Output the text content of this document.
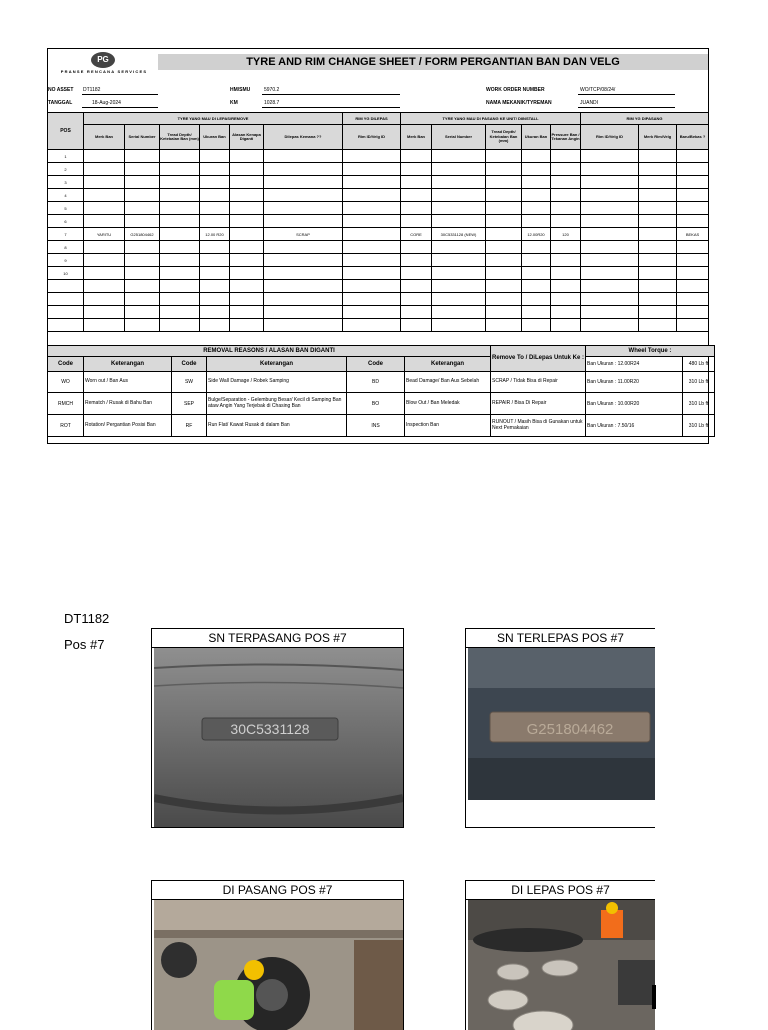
PG
PRANSE RENCANA SERVICES
TYRE AND RIM CHANGE SHEET / FORM PERGANTIAN BAN DAN VELG
NO ASSET DT1182
TANGGAL	18-Aug-2024
HM/SMU	5970.2
KM	1028.7
WORK ORDER NUMBER	WO/TCP/08/24/
NAMA MEKANIK/TYREMAN	JUANDI
POS	TYRE YANG MAU DI LEPAS/REMOVE						RIM YG DILEPAS	TYRE YANG MAU DI PASANG KE UNIT/ DIINSTALL					RIM YG DIPASANG		
	Merk Ban	Serial Number	Tread Depth/ Ketebalan Ban (mm)	Ukuran Ban	Alasan Kenapa Diganti	Dilepas Kemana ??	Rim ID/Velg ID	Merk Ban	Serial Number	Tread Depth/ Ketebalan Ban (mm)	Ukuran Ban	Pressure Ban / Tekanan Angin	Rim ID/Velg ID	Merk Rim/Velg	Baru/Bekas ?
1															
2															
3															
4															
5															
6															
7	YARITU	G251804462		12.00 R20		SCRAP		CORE	30C5331128 (NEW)		12.00R20	120			BEKAS
8															
9															
10															

REMOVAL REASONS / ALASAN BAN DIGANTI						Remove To / DiLepas Untuk Ke :	Wheel Torque :	
Code	Keterangan	Code	Keterangan	Code	Keterangan		Ban Ukuran : 12.00R24	480 Lb ft
WO	Worn out / Ban Aus	SW	Side Wall Damage / Robek Samping	BD	Bead Damage/ Ban Aus Sebelah	SCRAP / Tidak Bisa di Repair	Ban Ukuran : 11.00R20	310 Lb ft
RMCH	Rematch / Rusak di Bahu Ban	SEP	Bulge/Separation - Gelembung Besar/ Kecil di Samping Ban ataw Angin Yang Terjebak di Chasing Ban	BO	Blow Out / Ban Meledak	REPAIR / Bisa Di Repair	Ban Ukuran : 10.00R20	310 Lb ft
ROT	Rotation/ Pergantian Posisi Ban	RF	Run Flat/ Kawat Rusak di dalam Ban	INS	Inspection Ban	RUNOUT / Masih Bisa di Gunakan untuk Next Pemakaian	Ban Ukuran : 7.50/16	310 Lb ft
DT1182
Pos #7	SN TERPASANG POS #7
30C5331128
SN TERLEPAS POS #7
G251804462
DI PASANG POS #7	DI LEPAS POS #7
